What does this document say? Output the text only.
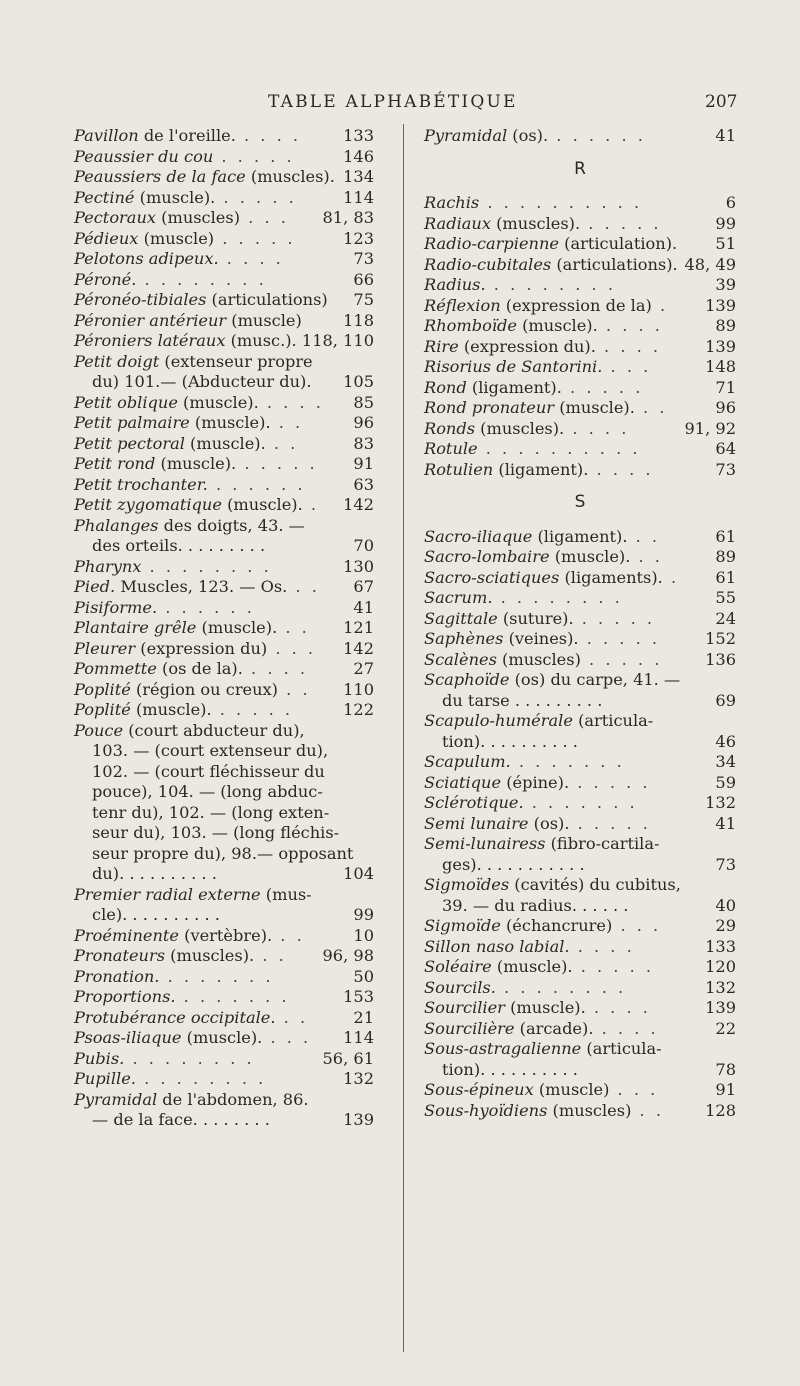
TABLE ALPHABÉTIQUE	207
Pavillon de l'oreille. . . . .	133
Peaussier du cou . . . . .	146
Peaussiers de la face (muscles). 134
Pectiné (muscle). . . . . .	114
Pectoraux (muscles) . . . 81, 83
Pédieux (muscle) . . . . .	123
Pelotons adipeux. . . . .	73
Péroné. . . . . . . . .	66
Péronéo-tibiales (articulations) 75
Péronier antérieur (muscle)	118
Péroniers latéraux (musc.). 118, 110
Petit doigt (extenseur propre
du) 101.— (Abducteur du). 105
Petit oblique (muscle). . . . . 85
Petit palmaire (muscle). . .	96
Petit pectoral (muscle). . .	83
Petit rond (muscle). . . . . . 91
Petit trochanter. . . . . . .	63
Petit zygomatique (muscle). . 142
Phalanges des doigts, 43. —
des orteils. . . . . . . . .	70
Pharynx . . . . . . . .	130
Pied. Muscles, 123. — Os. . . 67
Pisiforme. . . . . . .	41
Plantaire grêle (muscle). . . 121
Pleurer (expression du) . . . 142
Pommette (os de la). . . . .	27
Poplité (région ou creux) . . 110
Poplité (muscle). . . . . .	122
Pouce (court abducteur du),
103. — (court extenseur du),
102. — (court fléchisseur du
pouce), 104. — (long abduc-
tenr du), 102. — (long exten-
seur du), 103. — (long fléchis-
seur propre du), 98.— opposant
du). . . . . . . . . .	104
Premier radial externe (mus-
cle). . . . . . . . . .	99
Proéminente (vertèbre). . .	10
Pronateurs (muscles). . . 96, 98
Pronation. . . . . . . .	50
Proportions. . . . . . . .	153
Protubérance occipitale. . .	21
Psoas-iliaque (muscle). . . . 114
Pubis. . . . . . . . .	56, 61
Pupille. . . . . . . . .	132
Pyramidal de l'abdomen, 86.
— de la face. . . . . . . .	139
Pyramidal (os). . . . . . .	41
R
Rachis . . . . . . . . . .	6
Radiaux (muscles). . . . . .	99
Radio-carpienne (articulation). 51
Radio-cubitales (articulations). 48, 49
Radius. . . . . . . . .	39
Réflexion (expression de la) . 139
Rhomboïde (muscle). . . . .	89
Rire (expression du). . . . .	139
Risorius de Santorini. . . .	148
Rond (ligament). . . . . .	71
Rond pronateur (muscle). . .	96
Ronds (muscles). . . . .	91, 92
Rotule . . . . . . . . . .	64
Rotulien (ligament). . . . .	73
S
Sacro-iliaque (ligament). . .	61
Sacro-lombaire (muscle). . .	89
Sacro-sciatiques (ligaments). . 61
Sacrum. . . . . . . . .	55
Sagittale (suture). . . . . .	24
Saphènes (veines). . . . . .	152
Scalènes (muscles) . . . . .	136
Scaphoïde (os) du carpe, 41. —
du tarse . . . . . . . . .	69
Scapulo-humérale (articula-
tion). . . . . . . . . .	46
Scapulum. . . . . . . .	34
Sciatique (épine). . . . . .	59
Sclérotique. . . . . . . .	132
Semi lunaire (os). . . . . .	41
Semi-lunairess (fibro-cartila-
ges). . . . . . . . . . .	73
Sigmoïdes (cavités) du cubitus,
39. — du radius. . . . . .	40
Sigmoïde (échancrure) . . .	29
Sillon naso labial. . . . .	133
Soléaire (muscle). . . . . .	120
Sourcils. . . . . . . . .	132
Sourcilier (muscle). . . . .	139
Sourcilière (arcade). . . . .	22
Sous-astragalienne (articula-
tion). . . . . . . . . .	78
Sous-épineux (muscle) . . .	91
Sous-hyoïdiens (muscles) . .	128
